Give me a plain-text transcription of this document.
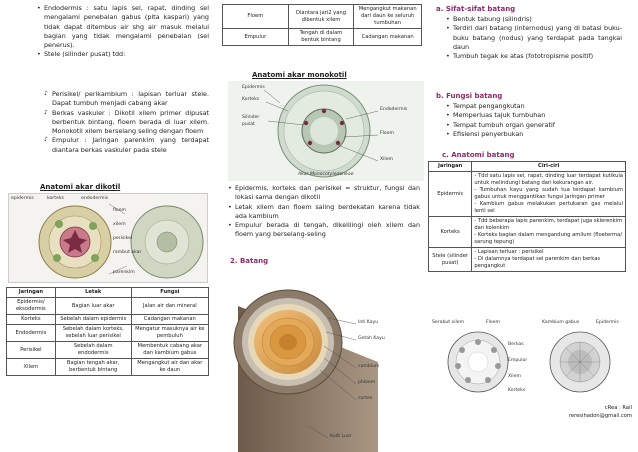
• Endodermis : satu lapis sel, rapat, dinding sel mengalami penebalan gabus (pita kaspari) yang tidak dapat ditembus air shg air masuk melalui bagian yang tidak mengalami penebalan (sel penerus).
• Stele (silinder pusat) tdd:
♪ Perisikel/ perikambium : lapisan terluar stele. Dapat tumbuh menjadi cabang akar
♪ Berkas vaskuler : Dikotil xilem primer dipusat berbentuk bintang, floem berada di luar xilem. Monokotil xilem berselang seling dengan floem
♪ Empulur : Jaringan parenkim yang terdapat diantara berkas vaskuler pada stele
Anatomi akar dikotil
epidermis	korteks	endodermis
floem
xilem
perisikel
rambut akar
parenkim
Jaringan	Letak	Fungsi
Epidermis/ eksodermis	Bagian luar akar	Jalan air dan mineral
Korteks	Sebelah dalam epidermis	Cadangan makanan
Endodermis	Sebelah dalam korteks, sebelah luar perisikel	Mengatur masuknya air ke pembuluh
Perisikel	Sebelah dalam endodermis	Membentuk cabang akar dan kambium gabus
Xilem	Bagian tengah akar, berbentuk bintang	Mengangkut air dan akar ke daun
Floem	Diantara jari2 yang dibentuk xilem	Mengangkut makanan dari daun ke seluruh tumbuhan
Empulur	Tengah di dalam bentuk bintang	Cadangan makanan
Anatomi akar monokotil
Epidermis
Korteks
Silinder pusat
Endodermis
Floem
Xilem
Akar Monocotyledoneae
• Epidermis, korteks dan perisikel = struktur, fungsi dan lokasi sama dengan dikotil
• Letak xilem dan floem saling berdekatan karena tidak ada kambium
• Empulur berada di tengah, dikelilingi oleh xilem dan floem yang berselang-seling
2. Batang
Inti Kayu
Getah Kayu
cambium
phloem
cortex
Kulit Luar
a. Sifat-sifat batang
• Bentuk tabung (silindris)
• Terdiri dari batang (internodus) yang di batasi buku-buku batang (nodus) yang terdapat pada tangkai daun
• Tumbuh tegak ke atas (fototropisme positif)
b. Fungsi batang
• Tempat pengangkutan
• Memperluas tajuk tumbuhan
• Tempat tumbuh organ generatif
• Efisiensi penyerbukan
c. Anatomi batang
Jaringan	Ciri-ciri
Epidermis	- Tdd satu lapis sel, rapat, dinding luar terdapat kutikula untuk melindungi batang dari kekurangan air.
- Tumbuhan kayu yang sudah tua terdapat kambium gabus untuk menggantikan fungsi jaringan primer
- Kambium gabus melakukan pertukaran gas melalui lenti sel
Korteks	- Tdd beberapa lapis parenkim, terdapat juga sklerenkim dan kolenkim
- Korteks bagian dalam mengandung amilum (floeterma/ sarung tepung)
Stele (silinder pusat)	- Lapisan terluar : perisikel
- Di dalamnya terdapat sel parenkim dan berkas pengangkut
Serabut xilem	Floem	Kambium gabus	Epidermis
Berkas
Empulur
Xilem
Korteks
cRea : Rail
reresihadon@gmail.com
